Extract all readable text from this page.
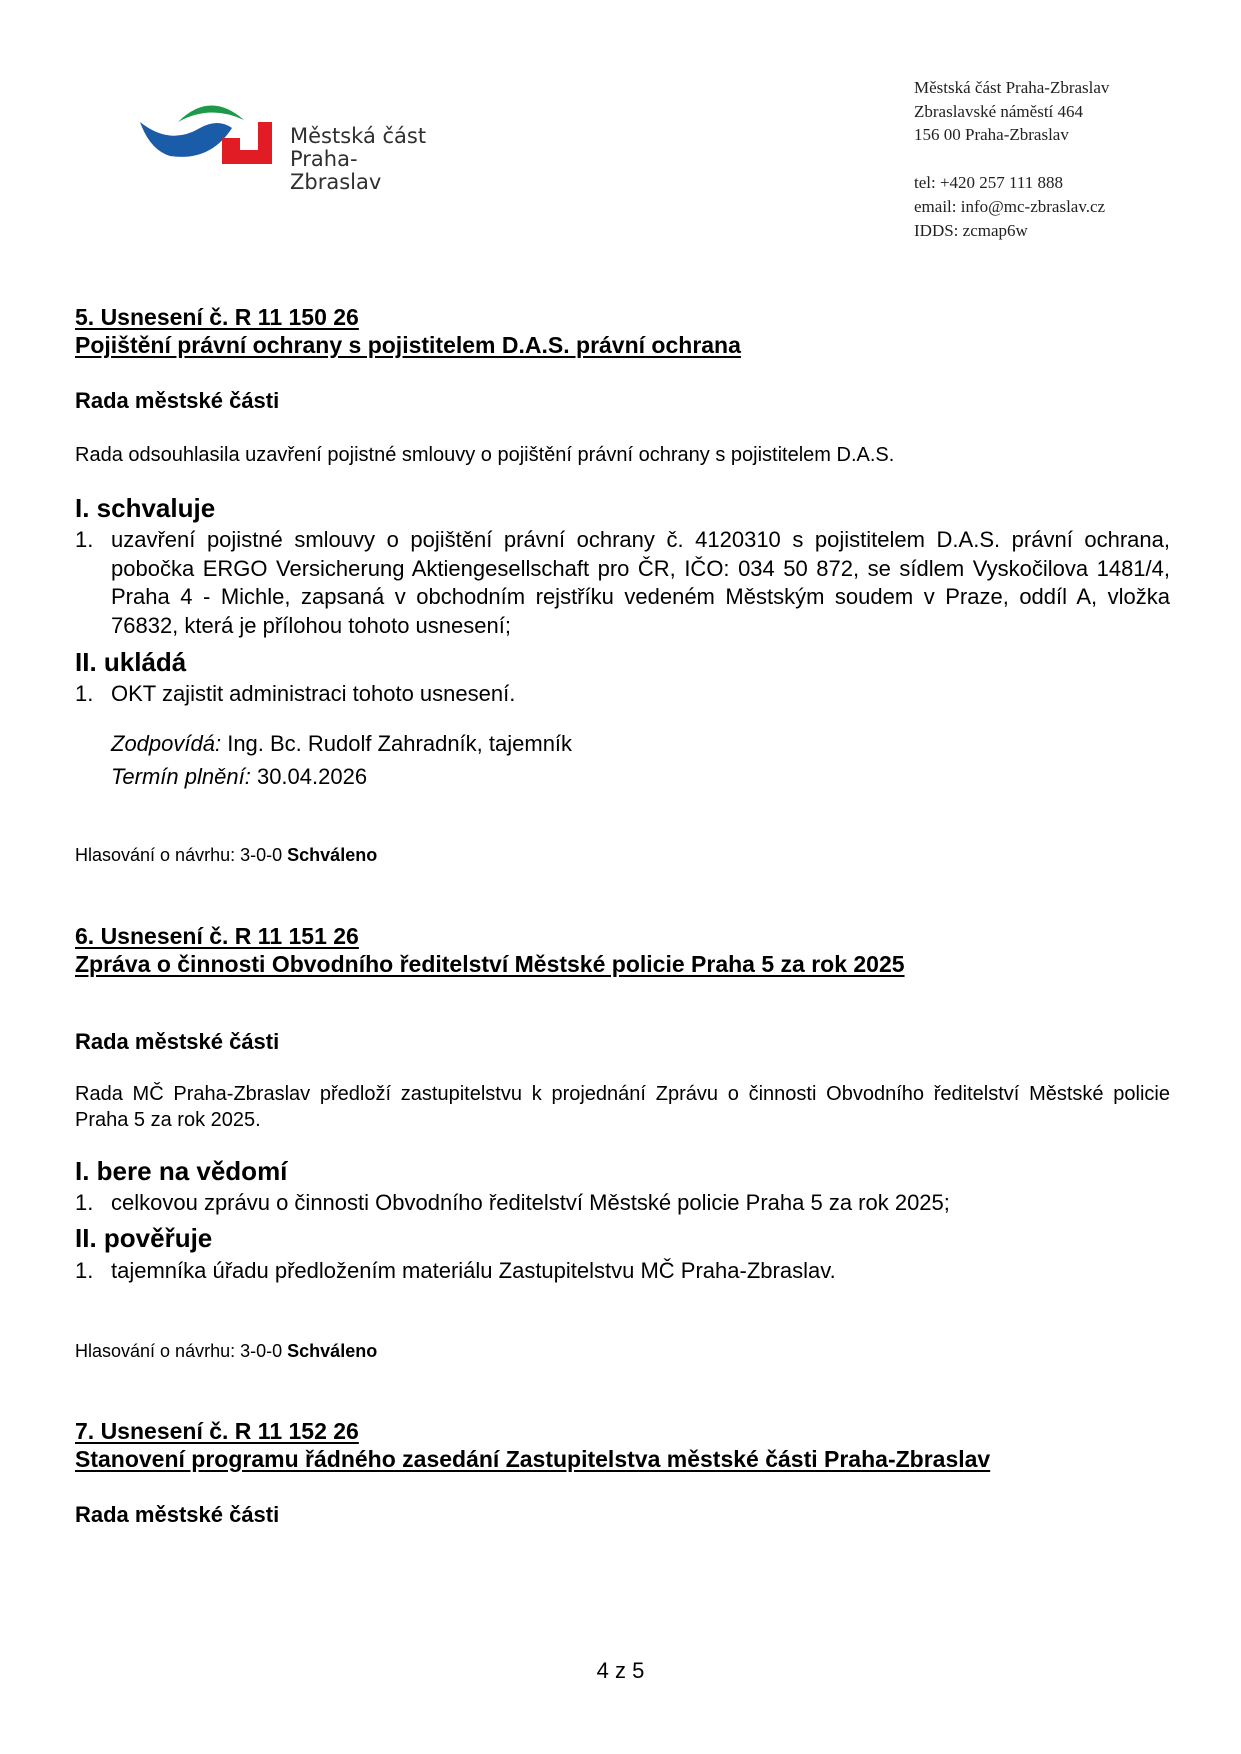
Městská část
Praha-Zbraslav
Městská část Praha-Zbraslav
Zbraslavské náměstí 464
156 00 Praha-Zbraslav
tel: +420 257 111 888
email: info@mc-zbraslav.cz
IDDS: zcmap6w
5. Usnesení č. R 11 150 26
Pojištění právní ochrany s pojistitelem D.A.S. právní ochrana
Rada městské části
Rada odsouhlasila uzavření pojistné smlouvy o pojištění právní ochrany s pojistitelem D.A.S.
I. schvaluje
1. uzavření pojistné smlouvy o pojištění právní ochrany č. 4120310 s pojistitelem D.A.S. právní ochrana, pobočka ERGO Versicherung Aktiengesellschaft pro ČR, IČO: 034 50 872, se sídlem Vyskočilova 1481/4, Praha 4 - Michle, zapsaná v obchodním rejstříku vedeném Městským soudem v Praze, oddíl A, vložka 76832, která je přílohou tohoto usnesení;
II. ukládá
1. OKT zajistit administraci tohoto usnesení.
Zodpovídá: Ing. Bc. Rudolf Zahradník, tajemník
Termín plnění: 30.04.2026
Hlasování o návrhu: 3-0-0 Schváleno
6. Usnesení č. R 11 151 26
Zpráva o činnosti Obvodního ředitelství Městské policie Praha 5 za rok 2025
Rada městské části
Rada MČ Praha-Zbraslav předloží zastupitelstvu k projednání Zprávu o činnosti Obvodního ředitelství Městské policie Praha 5 za rok 2025.
I. bere na vědomí
1. celkovou zprávu o činnosti Obvodního ředitelství Městské policie Praha 5 za rok 2025;
II. pověřuje
1. tajemníka úřadu předložením materiálu Zastupitelstvu MČ Praha-Zbraslav.
Hlasování o návrhu: 3-0-0 Schváleno
7. Usnesení č. R 11 152 26
Stanovení programu řádného zasedání Zastupitelstva městské části Praha-Zbraslav
Rada městské části
4 z 5
